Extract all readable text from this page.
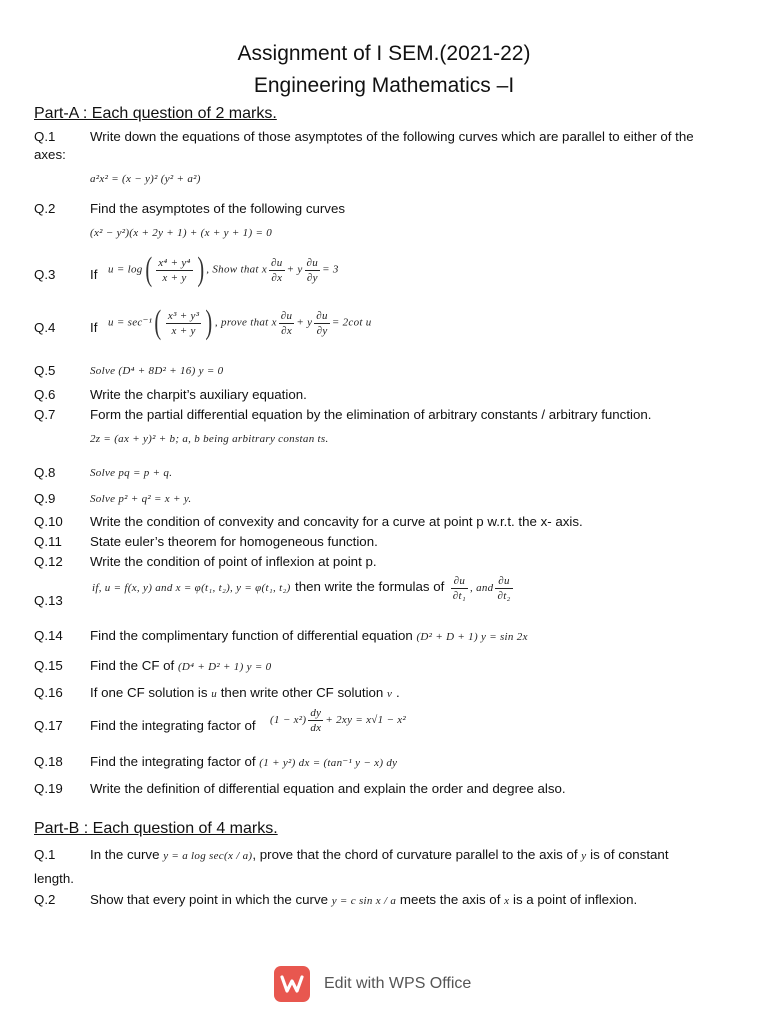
Assignment of I SEM.(2021-22)
Engineering Mathematics –I
Part-A : Each question of 2 marks.
Q.1	Write down the equations of those asymptotes of the following curves which are parallel to either of the
axes:
a²x² = (x − y)² (y² + a²)
Q.2	Find the asymptotes of the following curves
(x² − y²)(x + 2y + 1) + (x + y + 1) = 0
Q.3	If $u = \log( \frac{\text{x⁴ + y⁴}}{x + y}$ ) , Show that x $\frac{\partial u}{\partial x} + y \frac{\partial u}{\partial y} = 3$
Q.4	If $u = \sec^{-1}( \frac{\text{x³ + y³}}{x + y}$ ) , prove that x $\frac{\partial u}{\partial x} + y \frac{\partial u}{\partial y} = 2\cot$ u
Q.5	Solve (D⁴ + 8D² + 16) y = 0
Q.6	Write the charpit’s auxiliary equation.
Q.7	Form the partial differential equation by the elimination of arbitrary constants / arbitrary function.
2z = (ax + y)² + b; a, b being arbitrary constan ts.
Q.8	Solve pq = p + q.
Q.9	Solve p² + q² = x + y.
Q.10 Write the condition of convexity and concavity for a curve at point p w.r.t. the x- axis.
Q.11 State euler’s theorem for homogeneous function.
Q.12 Write the condition of point of inflexion at point p.
Q.13
if, u = f(x, y) and x = φ(t₁, t₂), y = φ(t₁, t₂) then write the formulas of $\frac{\partial u}{\text{∂t₁}}$ , and $\frac{\partial u}{\text{∂t₂}}$
Q.14 Find the complimentary function of differential equation (D² + D + 1) y = sin 2x
Q.15 Find the CF of (D⁴ + D² + 1) y = 0
Q.16 If one CF solution is u then write other CF solution v .
Q.17 Find the integrating factor of $(1 - x^2) \frac{dy}{dx} + 2xy = x√1 - x^2$
Q.18 Find the integrating factor of (1 + y²) dx = (tan⁻¹ y − x) dy
Q.19 Write the definition of differential equation and explain the order and degree also.
Part-B : Each question of 4 marks.
Q.1	In the curve y = a log sec(x / a), prove that the chord of curvature parallel to the axis of y is of constant
length.
Q.2	Show that every point in which the curve y = c sin x / a meets the axis of x is a point of inflexion.
Edit with WPS Office
